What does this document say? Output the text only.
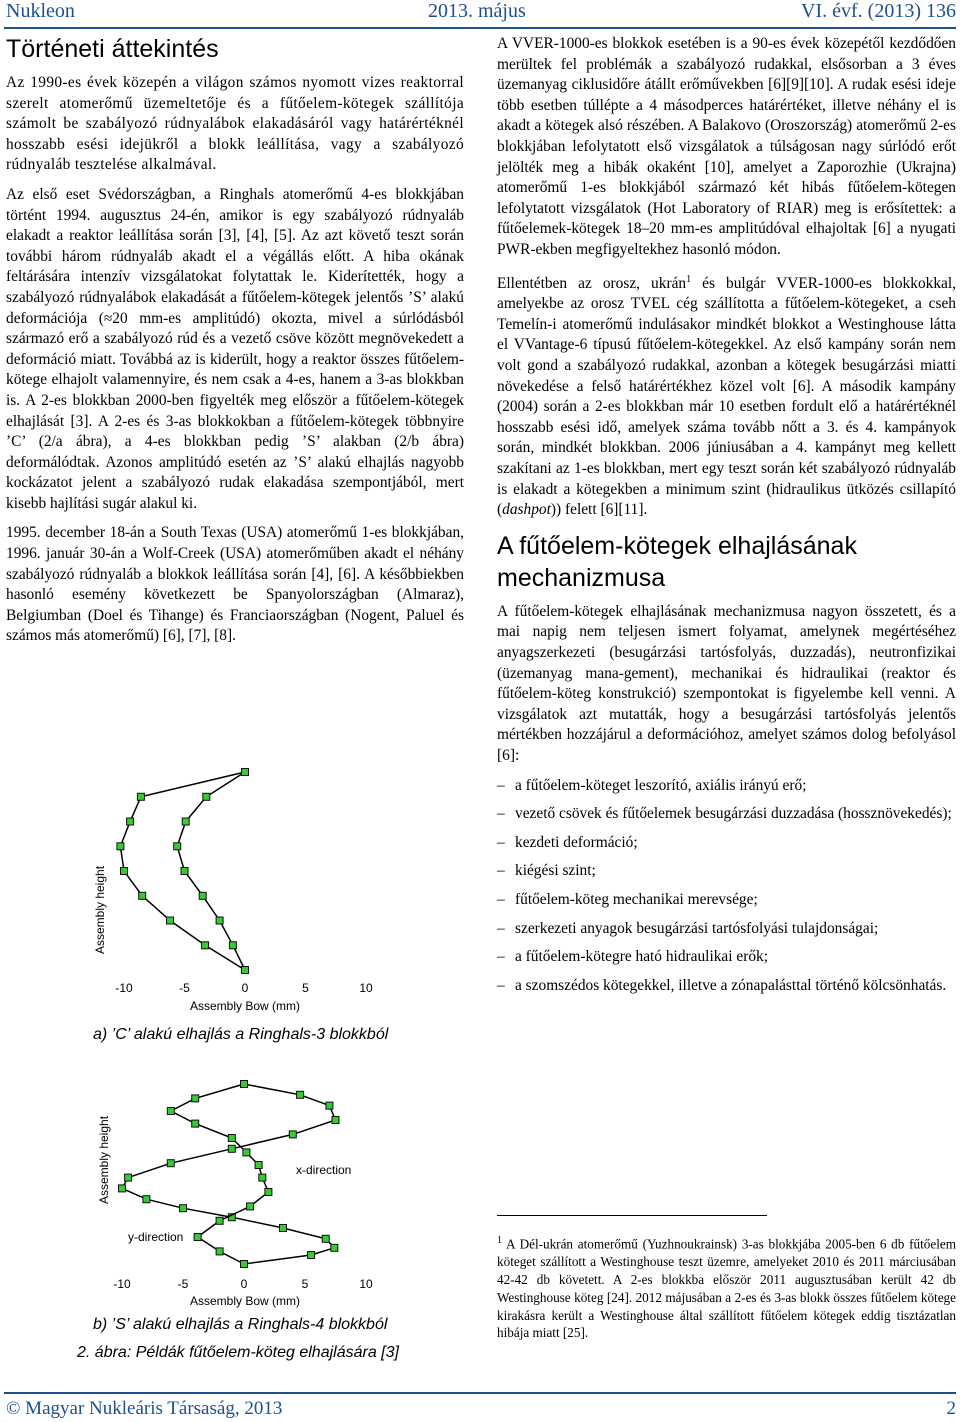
Nukleon	2013. május	VI. évf. (2013) 136
Történeti áttekintés

Az 1990-es évek közepén a világon számos nyomott vizes reaktorral szerelt atomerőmű üzemeltetője és a fűtőelem-kötegek szállítója számolt be szabályozó rúdnyalábok elakadásáról vagy határértéknél hosszabb esési idejükről a blokk leállítása, vagy a szabályozó rúdnyaláb tesztelése alkalmával.

Az első eset Svédországban, a Ringhals atomerőmű 4-es blokkjában történt 1994. augusztus 24-én, amikor is egy szabályozó rúdnyaláb elakadt a reaktor leállítása során [3], [4], [5]. Az azt követő teszt során további három rúdnyaláb akadt el a végállás előtt. A hiba okának feltárására intenzív vizsgálatokat folytattak le. Kiderítették, hogy a szabályozó rúdnyalábok elakadását a fűtőelem-kötegek jelentős ’S’ alakú deformációja (≈20 mm-es amplitúdó) okozta, mivel a súrlódásból származó erő a szabályozó rúd és a vezető csöve között megnövekedett a deformáció miatt. Továbbá az is kiderült, hogy a reaktor összes fűtőelem-kötege elhajolt valamennyire, és nem csak a 4-es, hanem a 3-as blokkban is. A 2-es blokkban 2000-ben figyelték meg először a fűtőelem-kötegek elhajlását [3]. A 2-es és 3-as blokkokban a fűtőelem-kötegek többnyire ’C’ (2/a ábra), a 4-es blokkban pedig ’S’ alakban (2/b ábra) deformálódtak. Azonos amplitúdó esetén az ’S’ alakú elhajlás nagyobb kockázatot jelent a szabályozó rudak elakadása szempontjából, mert kisebb hajlítási sugár alakul ki.

1995. december 18-án a South Texas (USA) atomerőmű 1-es blokkjában, 1996. január 30-án a Wolf-Creek (USA) atomerőműben akadt el néhány szabályozó rúdnyaláb a blokkok leállítása során [4], [6]. A későbbiekben hasonló esemény következett be Spanyolországban (Almaraz), Belgiumban (Doel és Tihange) és Franciaországban (Nogent, Paluel és számos más atomerőmű) [6], [7], [8].

Assembly height
Assembly Bow (mm)
-10	-5	0	5	10
a) ’C’ alakú elhajlás a Ringhals-3 blokkból
Assembly height	x-direction
y-direction
Assembly Bow (mm)
-10	-5	0	5	10
b) ’S’ alakú elhajlás a Ringhals-4 blokkból
2. ábra: Példák fűtőelem-köteg elhajlására [3]

A VVER-1000-es blokkok esetében is a 90-es évek közepétől kezdődően merültek fel problémák a szabályozó rudakkal, elsősorban a 3 éves üzemanyag ciklusidőre átállt erőművekben [6][9][10]. A rudak esési ideje több esetben túllépte a 4 másodperces határértéket, illetve néhány el is akadt a kötegek alsó részében. A Balakovo (Oroszország) atomerőmű 2-es blokkjában lefolytatott első vizsgálatok a túlságosan nagy súrlódó erőt jelölték meg a hibák okaként [10], amelyet a Zaporozhie (Ukrajna) atomerőmű 1-es blokkjából származó két hibás fűtőelem-kötegen lefolytatott vizsgálatok (Hot Laboratory of RIAR) meg is erősítettek: a fűtőelemek-kötegek 18–20 mm-es amplitúdóval elhajoltak [6] a nyugati PWR-ekben megfigyeltekhez hasonló módon.

Ellentétben az orosz, ukrán$^1$ és bulgár VVER-1000-es blokkokkal, amelyekbe az orosz TVEL cég szállította a fűtőelem-kötegeket, a cseh Temelín-i atomerőmű indulásakor mindkét blokkot a Westinghouse látta el VVantage-6 típusú fűtőelem-kötegekkel. Az első kampány során nem volt gond a szabályozó rudakkal, azonban a kötegek besugárzási miatti növekedése a felső határértékhez közel volt [6]. A második kampány (2004) során a 2-es blokkban már 10 esetben fordult elő a határértéknél hosszabb esési idő, amelyek száma tovább nőtt a 3. és 4. kampányok során, mindkét blokkban. 2006 júniusában a 4. kampányt meg kellett szakítani az 1-es blokkban, mert egy teszt során két szabályozó rúdnyaláb is elakadt a kötegekben a minimum szint (hidraulikus ütközés csillapító (dashpot)) felett [6][11].

A fűtőelem-kötegek elhajlásának mechanizmusa

A fűtőelem-kötegek elhajlásának mechanizmusa nagyon összetett, és a mai napig nem teljesen ismert folyamat, amelynek megértéséhez anyagszerkezeti (besugárzási tartósfolyás, duzzadás), neutronfizikai (üzemanyag mana-gement), mechanikai és hidraulikai (reaktor és fűtőelem-köteg konstrukció) szempontokat is figyelembe kell venni. A vizsgálatok azt mutatták, hogy a besugárzási tartósfolyás jelentős mértékben hozzájárul a deformációhoz, amelyet számos dolog befolyásol [6]:

– a fűtőelem-köteget leszorító, axiális irányú erő;
– vezető csövek és fűtőelemek besugárzási duzzadása (hossznövekedés);
– kezdeti deformáció;
– kiégési szint;
– fűtőelem-köteg mechanikai merevsége;
– szerkezeti anyagok besugárzási tartósfolyási tulajdonságai;
– a fűtőelem-kötegre ható hidraulikai erők;
– a szomszédos kötegekkel, illetve a zónapalásttal történő kölcsönhatás.
$^1$ A Dél-ukrán atomerőmű (Yuzhnoukrainsk) 3-as blokkjába 2005-ben 6 db fűtőelem köteget szállított a Westinghouse teszt üzemre, amelyeket 2010 és 2011 márciusában 42-42 db követett. A 2-es blokkba először 2011 augusztusában került 42 db Westinghouse köteg [24]. 2012 májusában a 2-es és 3-as blokk összes fűtőelem kötege kirakásra került a Westinghouse által szállított fűtőelem kötegek eddig tisztázatlan hibája miatt [25].
© Magyar Nukleáris Társaság, 2013	2
